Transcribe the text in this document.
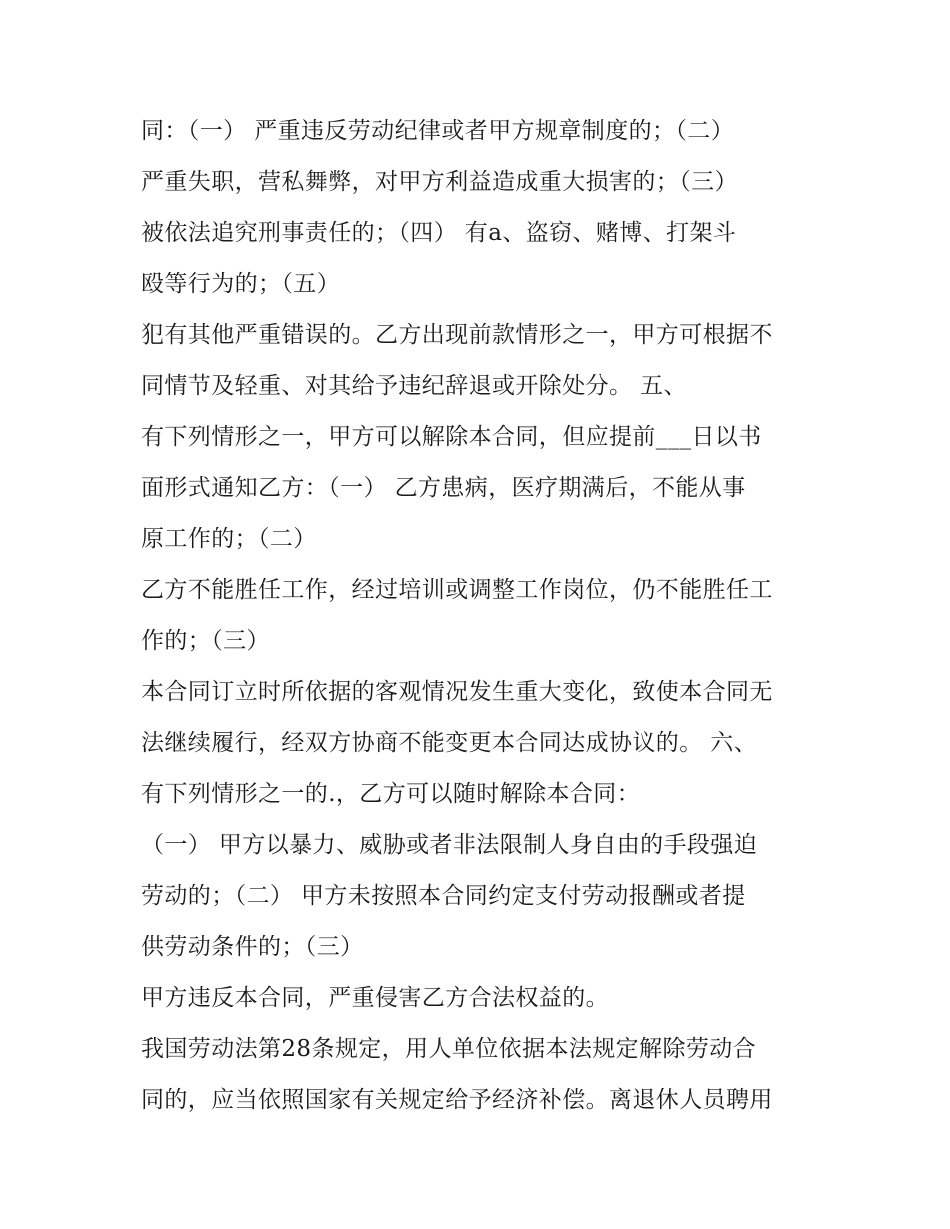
同：（一） 严重违反劳动纪律或者甲方规章制度的；（二）
严重失职，营私舞弊，对甲方利益造成重大损害的；（三）
被依法追究刑事责任的；（四） 有a、盗窃、赌博、打架斗
殴等行为的；（五）
犯有其他严重错误的。乙方出现前款情形之一，甲方可根据不
同情节及轻重、对其给予违纪辞退或开除处分。 五、
有下列情形之一，甲方可以解除本合同，但应提前___日以书
面形式通知乙方：（一） 乙方患病，医疗期满后，不能从事
原工作的；（二）
乙方不能胜任工作，经过培训或调整工作岗位，仍不能胜任工
作的；（三）
本合同订立时所依据的客观情况发生重大变化，致使本合同无
法继续履行，经双方协商不能变更本合同达成协议的。 六、
有下列情形之一的.，乙方可以随时解除本合同：
（一） 甲方以暴力、威胁或者非法限制人身自由的手段强迫
劳动的；（二） 甲方未按照本合同约定支付劳动报酬或者提
供劳动条件的；（三）
甲方违反本合同，严重侵害乙方合法权益的。
我国劳动法第28条规定，用人单位依据本法规定解除劳动合
同的，应当依照国家有关规定给予经济补偿。离退休人员聘用
